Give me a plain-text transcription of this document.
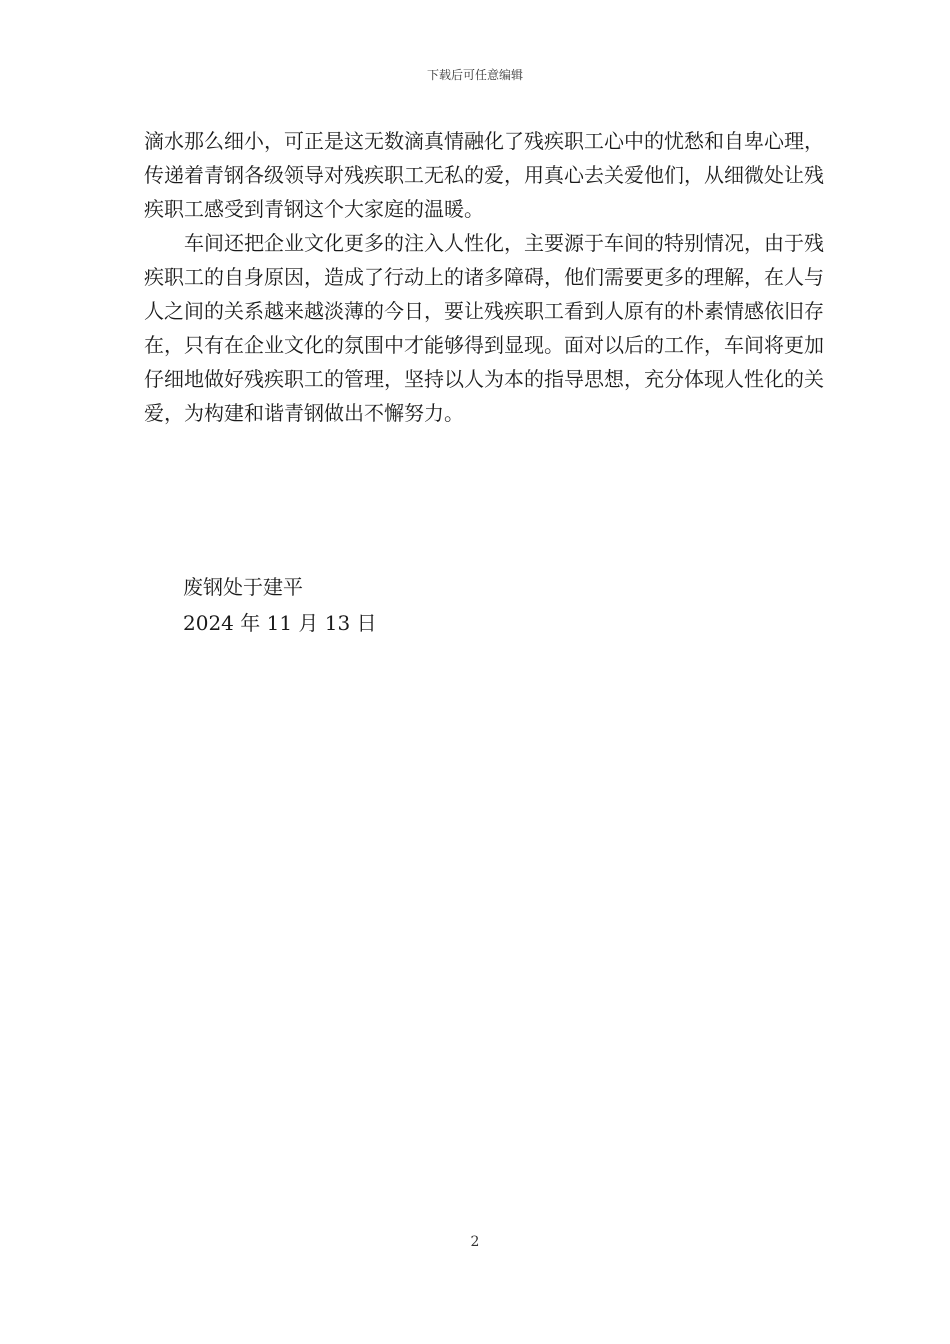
下载后可任意编辑
滴水那么细小，可正是这无数滴真情融化了残疾职工心中的忧愁和自卑心理，
传递着青钢各级领导对残疾职工无私的爱，用真心去关爱他们，从细微处让残
疾职工感受到青钢这个大家庭的温暖。
车间还把企业文化更多的注入人性化，主要源于车间的特别情况，由于残
疾职工的自身原因，造成了行动上的诸多障碍，他们需要更多的理解，在人与
人之间的关系越来越淡薄的今日，要让残疾职工看到人原有的朴素情感依旧存
在，只有在企业文化的氛围中才能够得到显现。面对以后的工作，车间将更加
仔细地做好残疾职工的管理，坚持以人为本的指导思想，充分体现人性化的关
爱，为构建和谐青钢做出不懈努力。
废钢处于建平
2024 年 11 月 13 日
2
